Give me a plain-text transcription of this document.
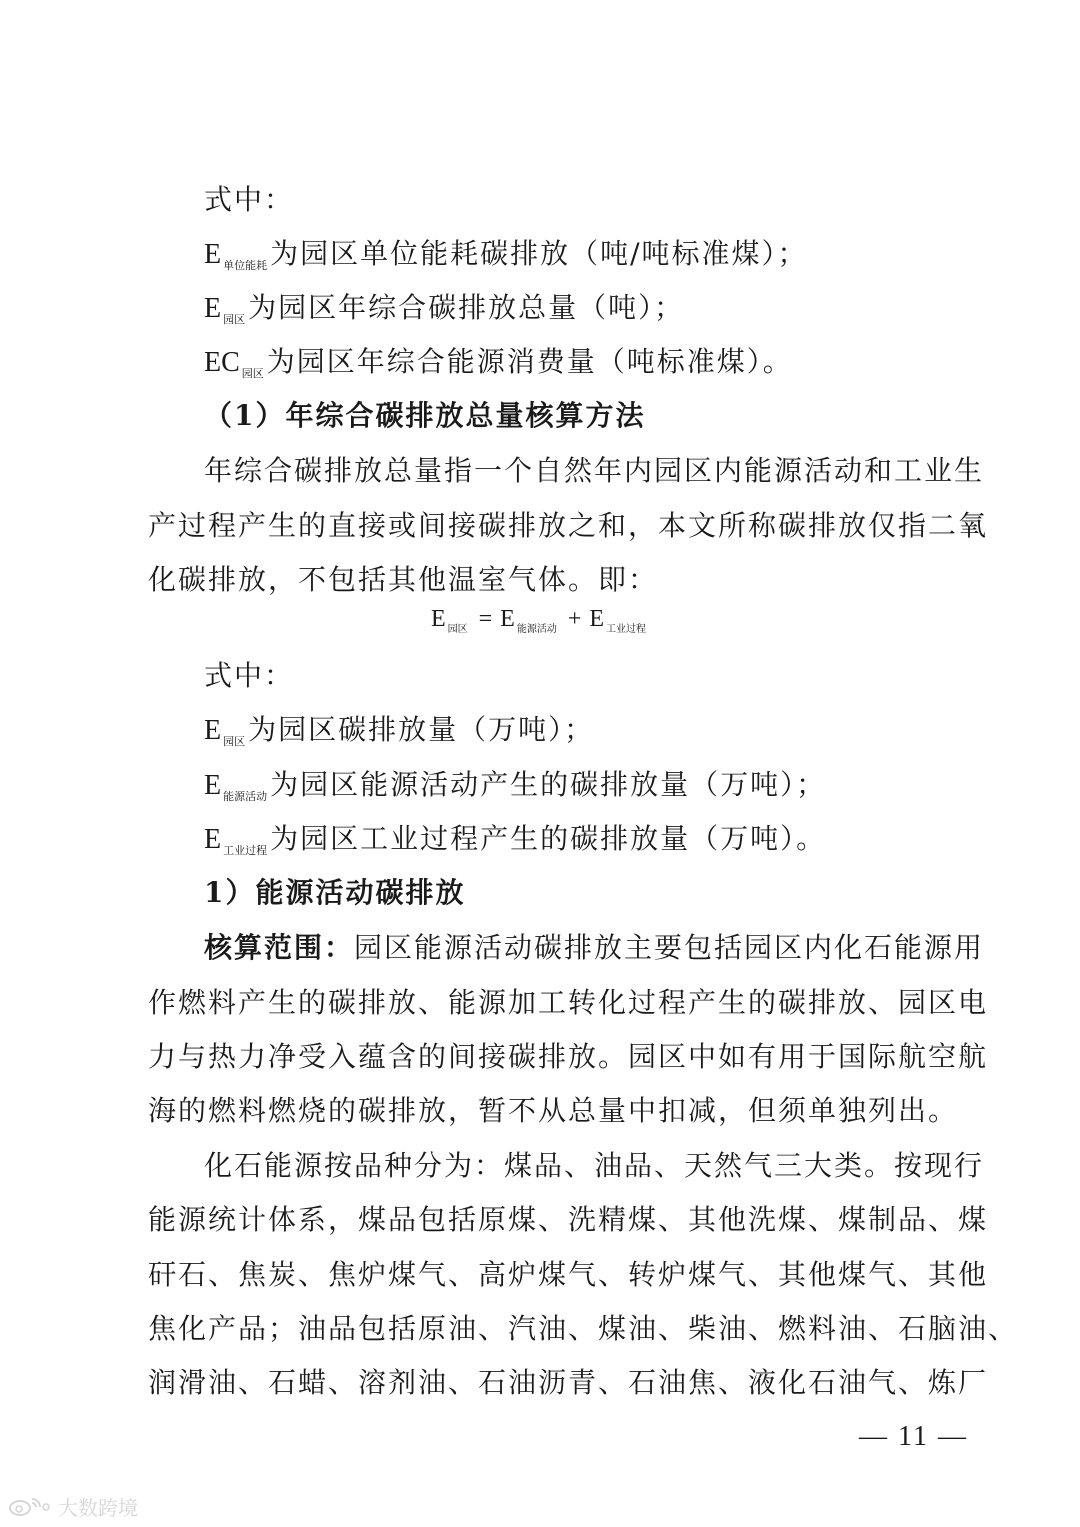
式中：
E $_{单位能耗}$ 为园区单位能耗碳排放（吨/吨标准煤）；
E $_{园区}$ 为园区年综合碳排放总量（吨）；
EC $_{园区}$ 为园区年综合能源消费量（吨标准煤）。
（1）年综合碳排放总量核算方法
年综合碳排放总量指一个自然年内园区内能源活动和工业生
产过程产生的直接或间接碳排放之和，本文所称碳排放仅指二氧
化碳排放，不包括其他温室气体。即：
E $_{园区}$ = E $_{能源活动}$ + E $_{工业过程}$
式中：
E $_{园区}$ 为园区碳排放量（万吨）；
E $_{能源活动}$ 为园区能源活动产生的碳排放量（万吨）；
E $_{工业过程}$ 为园区工业过程产生的碳排放量（万吨）。
1）能源活动碳排放
核算范围：园区能源活动碳排放主要包括园区内化石能源用
作燃料产生的碳排放、能源加工转化过程产生的碳排放、园区电
力与热力净受入蕴含的间接碳排放。园区中如有用于国际航空航
海的燃料燃烧的碳排放，暂不从总量中扣减，但须单独列出。
化石能源按品种分为：煤品、油品、天然气三大类。按现行
能源统计体系，煤品包括原煤、洗精煤、其他洗煤、煤制品、煤
矸石、焦炭、焦炉煤气、高炉煤气、转炉煤气、其他煤气、其他
焦化产品；油品包括原油、汽油、煤油、柴油、燃料油、石脑油、
润滑油、石蜡、溶剂油、石油沥青、石油焦、液化石油气、炼厂
— 11 —
大数跨境
